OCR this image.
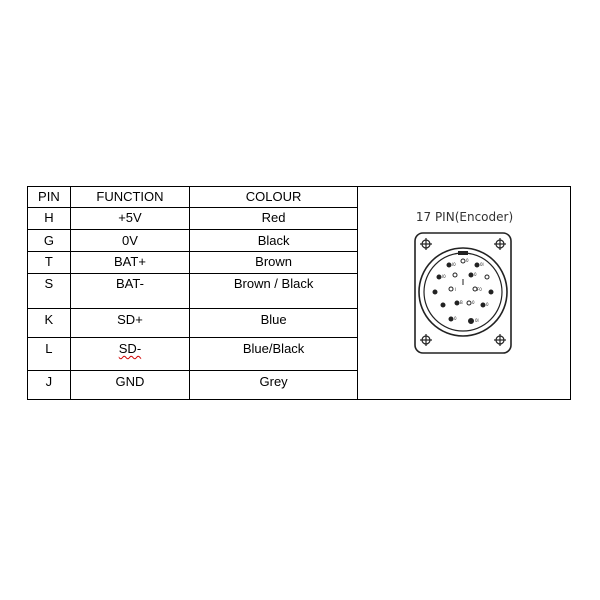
PIN	FUNCTION	COLOUR
H	+5V	Red
G	0V	Black
T	BAT+	Brown
S	BAT-	Brown / Black
K	SD+	Blue
L	SD-	Blue/Black
J	GND	Grey
17 PIN(Encoder)
l0
0
0l
l0	0
l	F0
B 0	0
0	0l
